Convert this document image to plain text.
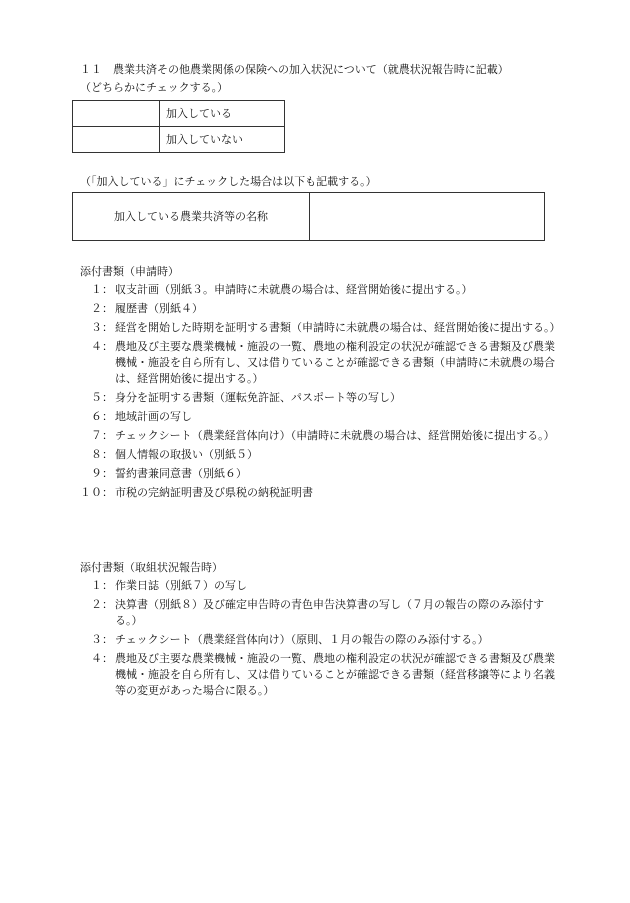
１１　農業共済その他農業関係の保険への加入状況について（就農状況報告時に記載）
（どちらかにチェックする。）
	加入している
	加入していない
（「加入している」にチェックした場合は以下も記載する。）
加入している農業共済等の名称	
添付書類（申請時）
１： 収支計画（別紙３。申請時に未就農の場合は、経営開始後に提出する。）
２： 履歴書（別紙４）
３： 経営を開始した時期を証明する書類（申請時に未就農の場合は、経営開始後に提出する。）
４： 農地及び主要な農業機械・施設の一覧、農地の権利設定の状況が確認できる書類及び農業機械・施設を自ら所有し、又は借りていることが確認できる書類（申請時に未就農の場合は、経営開始後に提出する。）
５： 身分を証明する書類（運転免許証、パスポート等の写し）
６： 地域計画の写し
７： チェックシート（農業経営体向け）（申請時に未就農の場合は、経営開始後に提出する。）
８： 個人情報の取扱い（別紙５）
９： 誓約書兼同意書（別紙６）
１０： 市税の完納証明書及び県税の納税証明書
添付書類（取組状況報告時）
１： 作業日誌（別紙７）の写し
２： 決算書（別紙８）及び確定申告時の青色申告決算書の写し（７月の報告の際のみ添付する。）
３： チェックシート（農業経営体向け）（原則、１月の報告の際のみ添付する。）
４： 農地及び主要な農業機械・施設の一覧、農地の権利設定の状況が確認できる書類及び農業機械・施設を自ら所有し、又は借りていることが確認できる書類（経営移譲等により名義等の変更があった場合に限る。）
